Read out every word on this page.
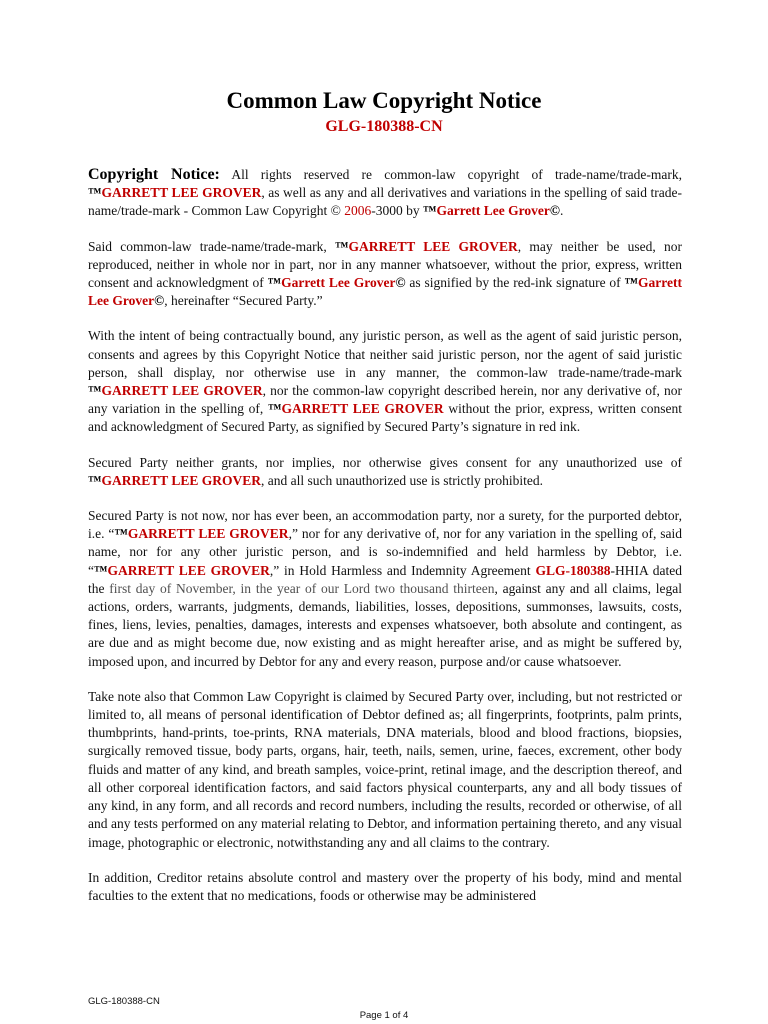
Common Law Copyright Notice
GLG-180388-CN

Copyright Notice: All rights reserved re common-law copyright of trade-name/trade-mark, ™GARRETT LEE GROVER, as well as any and all derivatives and variations in the spelling of said trade-name/trade-mark - Common Law Copyright © 2006-3000 by ™Garrett Lee Grover©.

Said common-law trade-name/trade-mark, ™GARRETT LEE GROVER, may neither be used, nor reproduced, neither in whole nor in part, nor in any manner whatsoever, without the prior, express, written consent and acknowledgment of ™Garrett Lee Grover© as signified by the red-ink signature of ™Garrett Lee Grover©, hereinafter “Secured Party.”

With the intent of being contractually bound, any juristic person, as well as the agent of said juristic person, consents and agrees by this Copyright Notice that neither said juristic person, nor the agent of said juristic person, shall display, nor otherwise use in any manner, the common-law trade-name/trade-mark ™GARRETT LEE GROVER, nor the common-law copyright described herein, nor any derivative of, nor any variation in the spelling of, ™GARRETT LEE GROVER without the prior, express, written consent and acknowledgment of Secured Party, as signified by Secured Party’s signature in red ink.

Secured Party neither grants, nor implies, nor otherwise gives consent for any unauthorized use of ™GARRETT LEE GROVER, and all such unauthorized use is strictly prohibited.

Secured Party is not now, nor has ever been, an accommodation party, nor a surety, for the purported debtor, i.e. “™GARRETT LEE GROVER,” nor for any derivative of, nor for any variation in the spelling of, said name, nor for any other juristic person, and is so-indemnified and held harmless by Debtor, i.e. “™GARRETT LEE GROVER,” in Hold Harmless and Indemnity Agreement GLG-180388-HHIA dated the first day of November, in the year of our Lord two thousand thirteen, against any and all claims, legal actions, orders, warrants, judgments, demands, liabilities, losses, depositions, summonses, lawsuits, costs, fines, liens, levies, penalties, damages, interests and expenses whatsoever, both absolute and contingent, as are due and as might become due, now existing and as might hereafter arise, and as might be suffered by, imposed upon, and incurred by Debtor for any and every reason, purpose and/or cause whatsoever.

Take note also that Common Law Copyright is claimed by Secured Party over, including, but not restricted or limited to, all means of personal identification of Debtor defined as; all fingerprints, footprints, palm prints, thumbprints, hand-prints, toe-prints, RNA materials, DNA materials, blood and blood fractions, biopsies, surgically removed tissue, body parts, organs, hair, teeth, nails, semen, urine, faeces, excrement, other body fluids and matter of any kind, and breath samples, voice-print, retinal image, and the description thereof, and all other corporeal identification factors, and said factors physical counterparts, any and all body tissues of any kind, in any form, and all records and record numbers, including the results, recorded or otherwise, of all and any tests performed on any material relating to Debtor, and information pertaining thereto, and any visual image, photographic or electronic, notwithstanding any and all claims to the contrary.

In addition, Creditor retains absolute control and mastery over the property of his body, mind and mental faculties to the extent that no medications, foods or otherwise may be administered

GLG-180388-CN
Page 1 of 4
